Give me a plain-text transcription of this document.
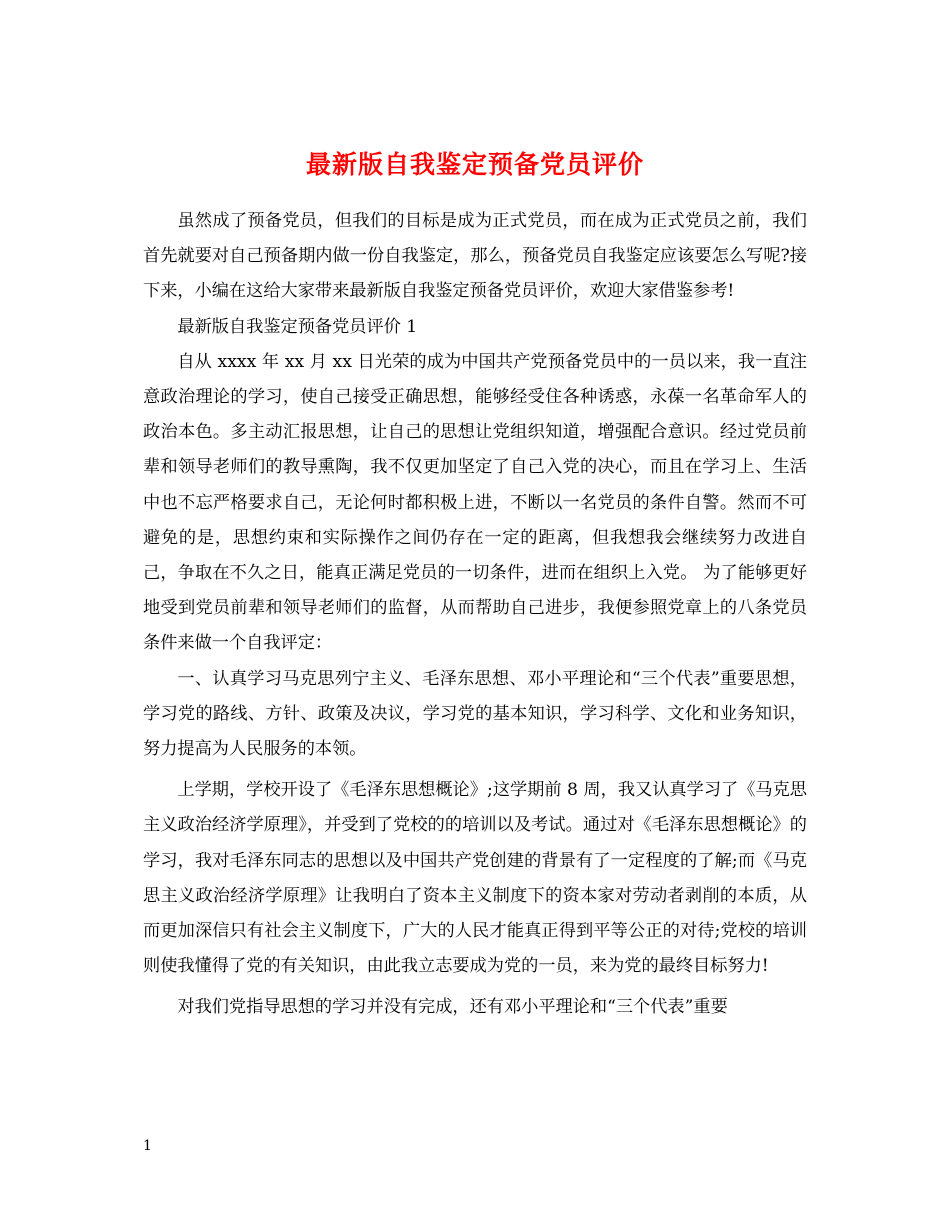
最新版自我鉴定预备党员评价

虽然成了预备党员，但我们的目标是成为正式党员，而在成为正式党员之前，我们首先就要对自己预备期内做一份自我鉴定，那么，预备党员自我鉴定应该要怎么写呢?接下来，小编在这给大家带来最新版自我鉴定预备党员评价，欢迎大家借鉴参考!

最新版自我鉴定预备党员评价 1

自从 xxxx 年 xx 月 xx 日光荣的成为中国共产党预备党员中的一员以来，我一直注意政治理论的学习，使自己接受正确思想，能够经受住各种诱惑，永葆一名革命军人的政治本色。多主动汇报思想，让自己的思想让党组织知道，增强配合意识。经过党员前辈和领导老师们的教导熏陶，我不仅更加坚定了自己入党的决心，而且在学习上、生活中也不忘严格要求自己，无论何时都积极上进，不断以一名党员的条件自警。然而不可避免的是，思想约束和实际操作之间仍存在一定的距离，但我想我会继续努力改进自己，争取在不久之日，能真正满足党员的一切条件，进而在组织上入党。 为了能够更好地受到党员前辈和领导老师们的监督，从而帮助自己进步，我便参照党章上的八条党员条件来做一个自我评定：

一、认真学习马克思列宁主义、毛泽东思想、邓小平理论和“三个代表”重要思想，学习党的路线、方针、政策及决议，学习党的基本知识，学习科学、文化和业务知识，努力提高为人民服务的本领。

上学期，学校开设了《毛泽东思想概论》;这学期前 8 周，我又认真学习了《马克思主义政治经济学原理》，并受到了党校的的培训以及考试。通过对《毛泽东思想概论》的学习，我对毛泽东同志的思想以及中国共产党创建的背景有了一定程度的了解;而《马克思主义政治经济学原理》让我明白了资本主义制度下的资本家对劳动者剥削的本质，从而更加深信只有社会主义制度下，广大的人民才能真正得到平等公正的对待;党校的培训则使我懂得了党的有关知识，由此我立志要成为党的一员，来为党的最终目标努力!

对我们党指导思想的学习并没有完成，还有邓小平理论和“三个代表”重要

1
